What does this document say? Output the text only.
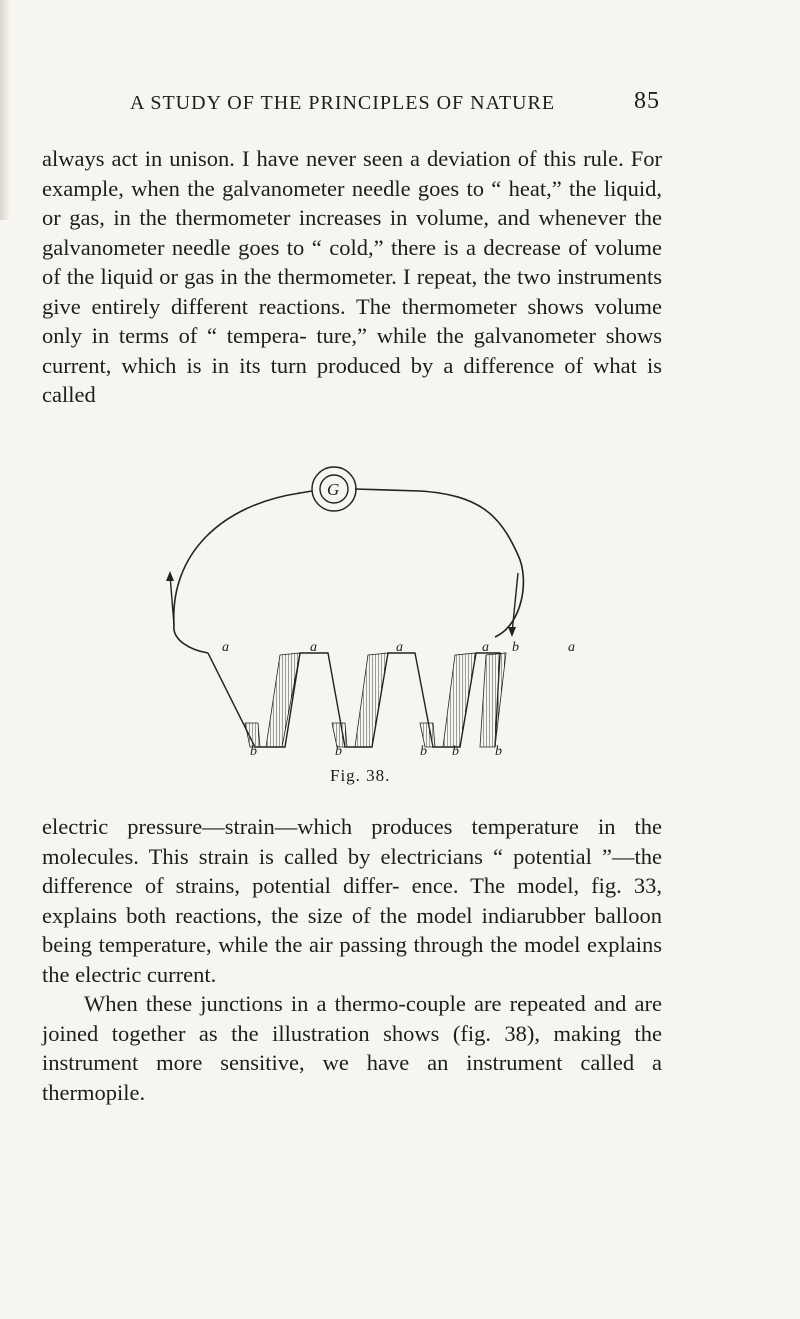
A STUDY OF THE PRINCIPLES OF NATURE	85

always act in unison. I have never seen a deviation of this rule. For example, when the galvanometer needle goes to “ heat,” the liquid, or gas, in the thermometer increases in volume, and whenever the galvanometer needle goes to “ cold,” there is a decrease of volume of the liquid or gas in the thermometer. I repeat, the two instruments give entirely different reactions. The thermometer shows volume only in terms of “ tempera- ture,” while the galvanometer shows current, which is in its turn produced by a difference of what is called

G
a	a	a	a	a
b
b	b	b b	b
Fig. 38.

electric pressure—strain—which produces temperature in the molecules. This strain is called by electricians “ potential ”—the difference of strains, potential differ- ence. The model, fig. 33, explains both reactions, the size of the model indiarubber balloon being temperature, while the air passing through the model explains the electric current.

When these junctions in a thermo-couple are repeated and are joined together as the illustration shows (fig. 38), making the instrument more sensitive, we have an instrument called a thermopile.
